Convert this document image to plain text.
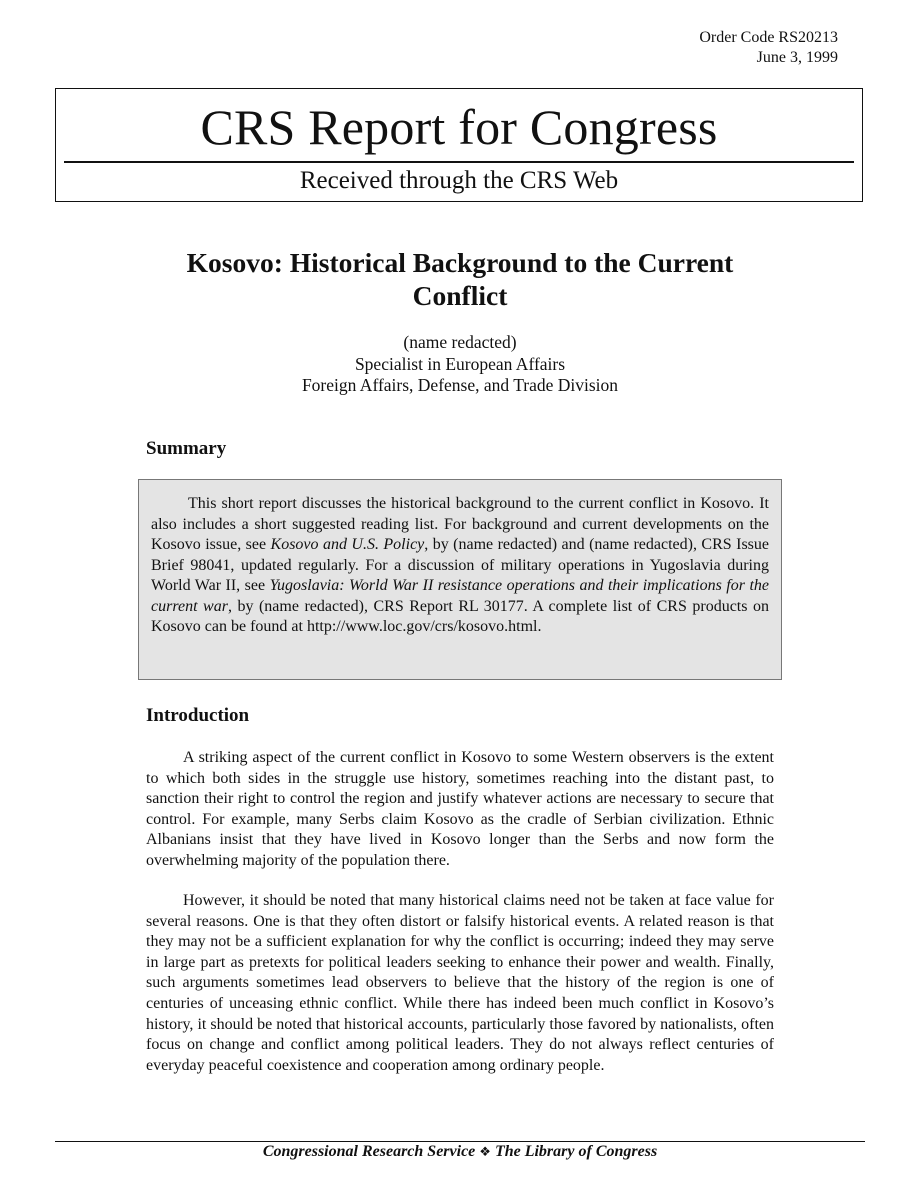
Order Code RS20213
June 3, 1999
CRS Report for Congress
Received through the CRS Web
Kosovo: Historical Background to the Current Conflict
(name redacted)
Specialist in European Affairs
Foreign Affairs, Defense, and Trade Division
Summary

This short report discusses the historical background to the current conflict in Kosovo. It also includes a short suggested reading list. For background and current developments on the Kosovo issue, see Kosovo and U.S. Policy, by (name redacted) and (name redacted), CRS Issue Brief 98041, updated regularly. For a discussion of military operations in Yugoslavia during World War II, see Yugoslavia: World War II resistance operations and their implications for the current war, by (name redacted), CRS Report RL 30177. A complete list of CRS products on Kosovo can be found at http://www.loc.gov/crs/kosovo.html.

Introduction

A striking aspect of the current conflict in Kosovo to some Western observers is the extent to which both sides in the struggle use history, sometimes reaching into the distant past, to sanction their right to control the region and justify whatever actions are necessary to secure that control. For example, many Serbs claim Kosovo as the cradle of Serbian civilization. Ethnic Albanians insist that they have lived in Kosovo longer than the Serbs and now form the overwhelming majority of the population there.

However, it should be noted that many historical claims need not be taken at face value for several reasons. One is that they often distort or falsify historical events. A related reason is that they may not be a sufficient explanation for why the conflict is occurring; indeed they may serve in large part as pretexts for political leaders seeking to enhance their power and wealth. Finally, such arguments sometimes lead observers to believe that the history of the region is one of centuries of unceasing ethnic conflict. While there has indeed been much conflict in Kosovo’s history, it should be noted that historical accounts, particularly those favored by nationalists, often focus on change and conflict among political leaders. They do not always reflect centuries of everyday peaceful coexistence and cooperation among ordinary people.

Congressional Research Service ❖ The Library of Congress
